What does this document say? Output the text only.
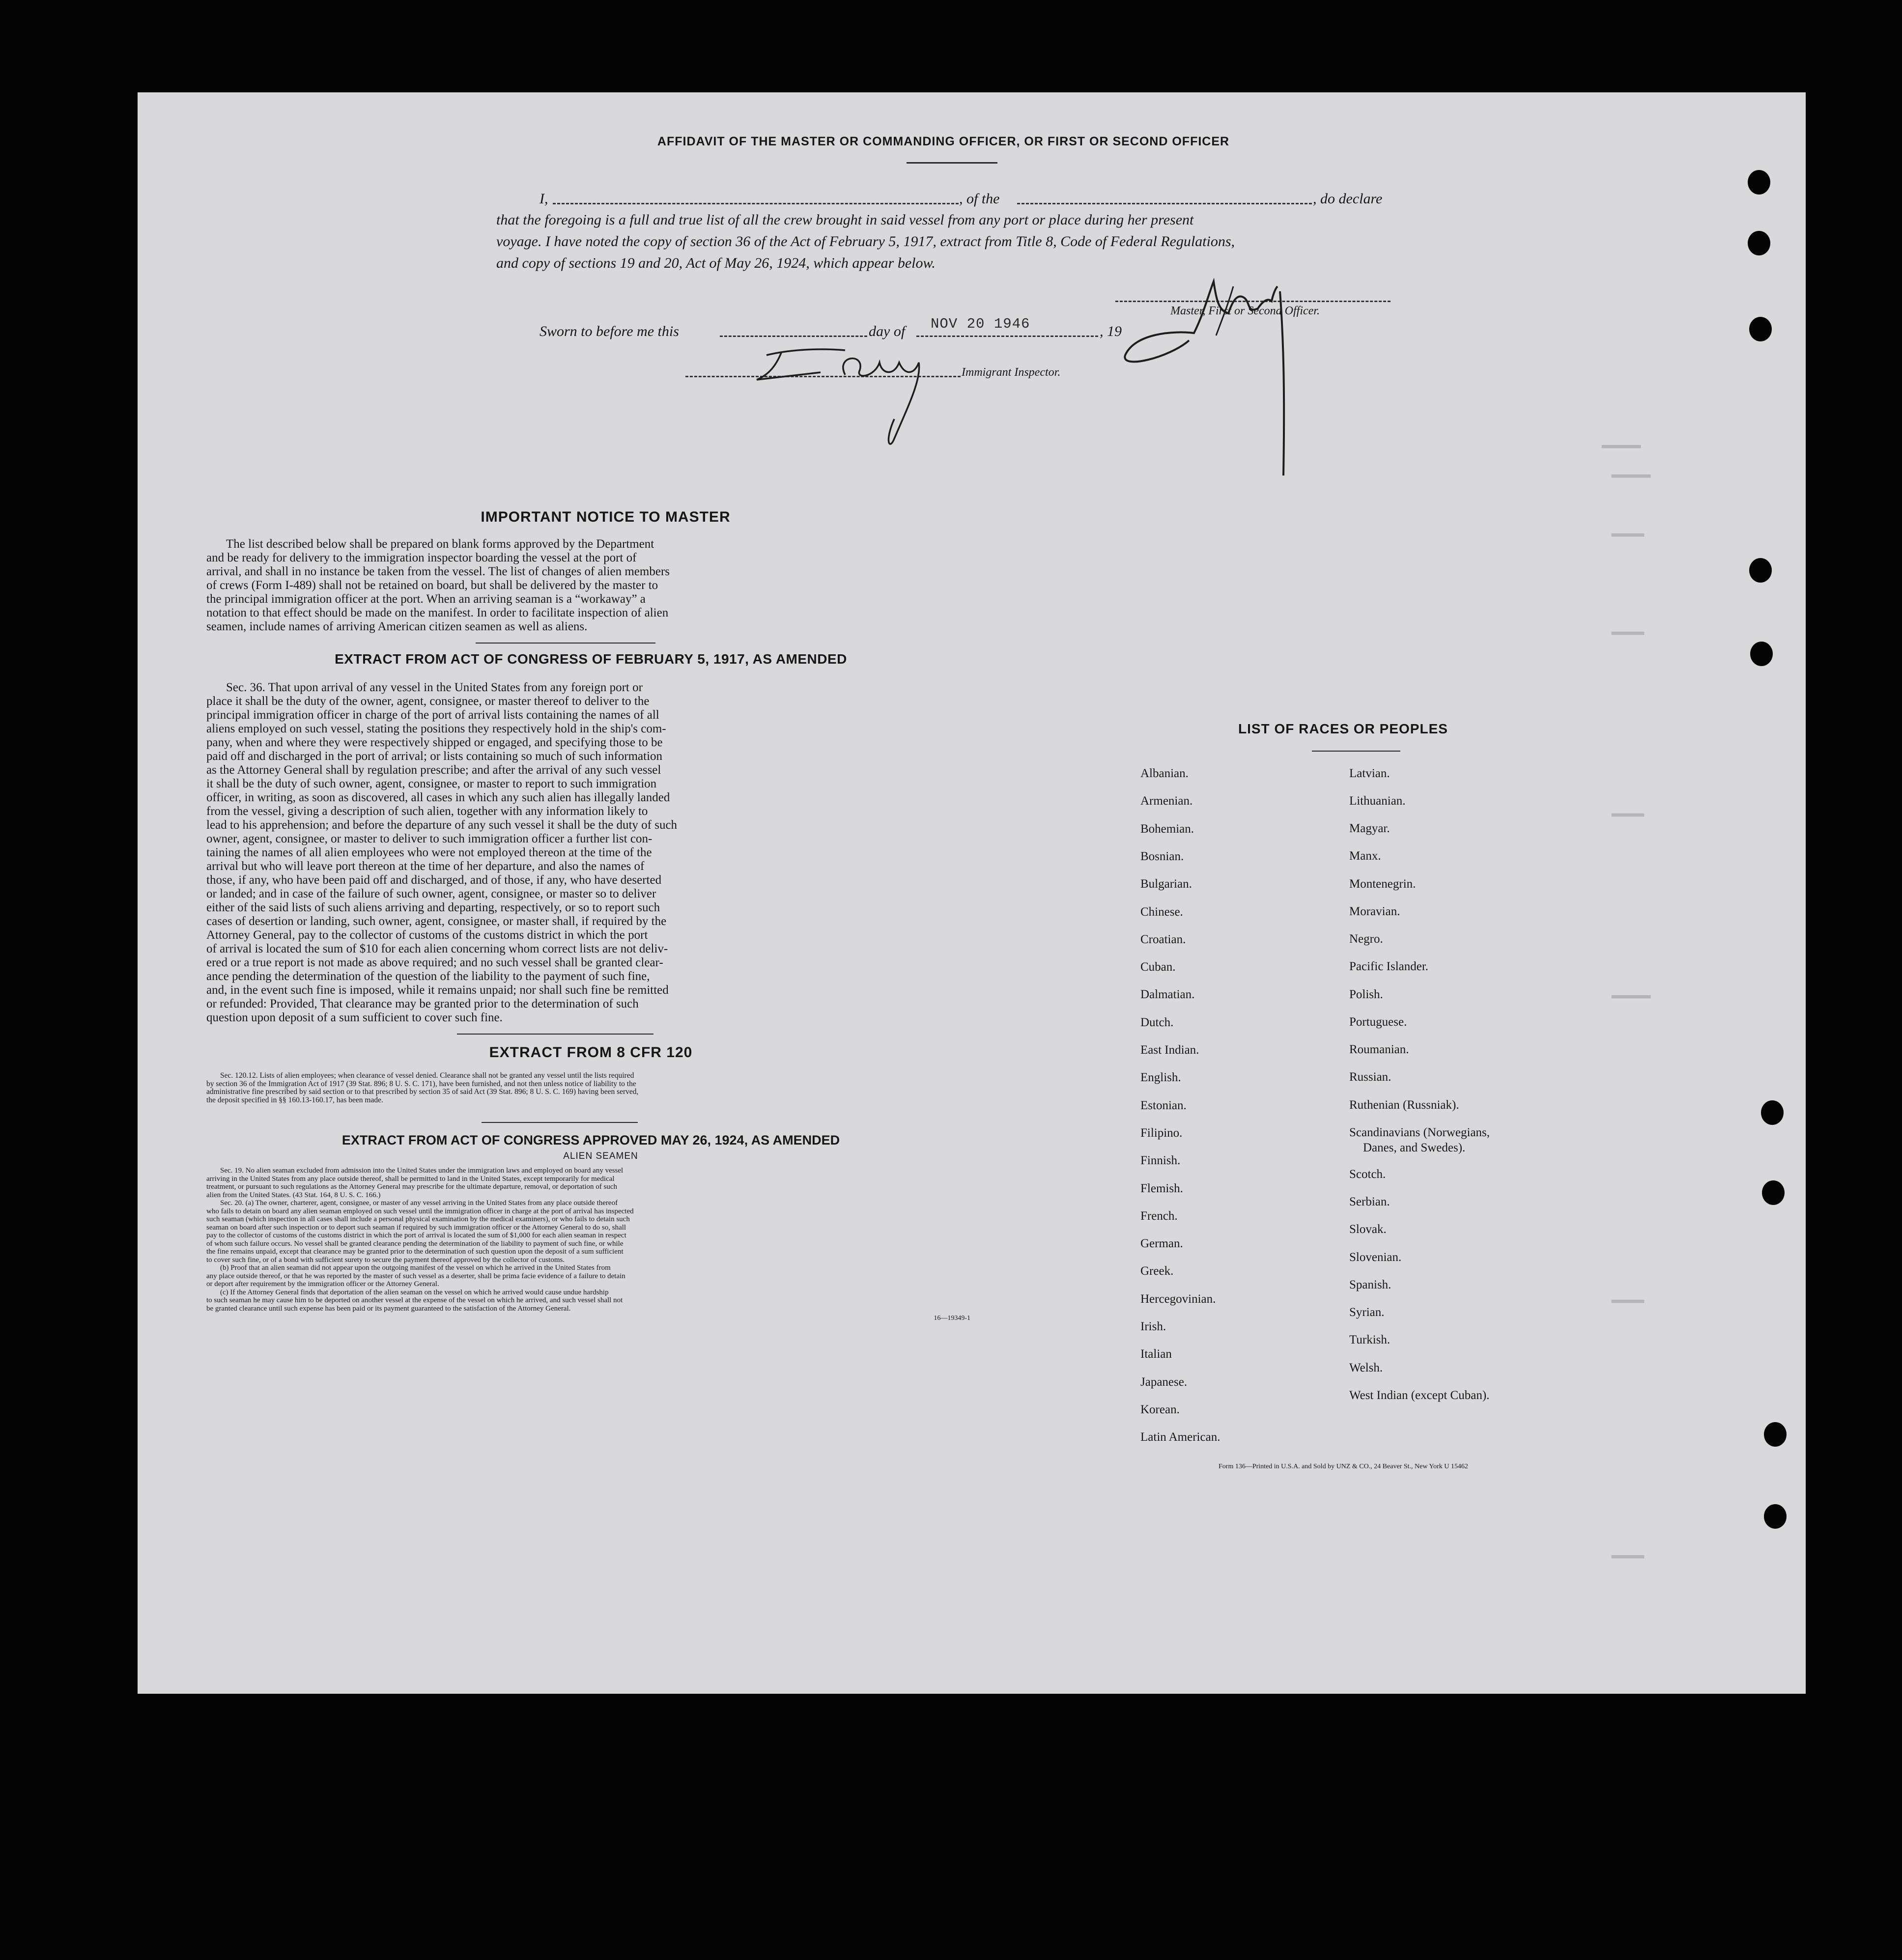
AFFIDAVIT OF THE MASTER OR COMMANDING OFFICER, OR FIRST OR SECOND OFFICER
I,	, of the	, do declare
that the foregoing is a full and true list of all the crew brought in said vessel from any port or place during her present
voyage. I have noted the copy of section 36 of the Act of February 5, 1917, extract from Title 8, Code of Federal Regulations,
and copy of sections 19 and 20, Act of May 26, 1924, which appear below.
Master, First or Second Officer.
Sworn to before me this	day of NOV 20 1946	, 19
Immigrant Inspector.
IMPORTANT NOTICE TO MASTER
The list described below shall be prepared on blank forms approved by the Department
and be ready for delivery to the immigration inspector boarding the vessel at the port of
arrival, and shall in no instance be taken from the vessel. The list of changes of alien members
of crews (Form I-489) shall not be retained on board, but shall be delivered by the master to
the principal immigration officer at the port. When an arriving seaman is a “workaway” a
notation to that effect should be made on the manifest. In order to facilitate inspection of alien
seamen, include names of arriving American citizen seamen as well as aliens.
EXTRACT FROM ACT OF CONGRESS OF FEBRUARY 5, 1917, AS AMENDED
Sec. 36. That upon arrival of any vessel in the United States from any foreign port or
place it shall be the duty of the owner, agent, consignee, or master thereof to deliver to the
principal immigration officer in charge of the port of arrival lists containing the names of all
aliens employed on such vessel, stating the positions they respectively hold in the ship's com-
pany, when and where they were respectively shipped or engaged, and specifying those to be
paid off and discharged in the port of arrival; or lists containing so much of such information
as the Attorney General shall by regulation prescribe; and after the arrival of any such vessel
it shall be the duty of such owner, agent, consignee, or master to report to such immigration
officer, in writing, as soon as discovered, all cases in which any such alien has illegally landed
from the vessel, giving a description of such alien, together with any information likely to
lead to his apprehension; and before the departure of any such vessel it shall be the duty of such
owner, agent, consignee, or master to deliver to such immigration officer a further list con-
taining the names of all alien employees who were not employed thereon at the time of the
arrival but who will leave port thereon at the time of her departure, and also the names of
those, if any, who have been paid off and discharged, and of those, if any, who have deserted
or landed; and in case of the failure of such owner, agent, consignee, or master so to deliver
either of the said lists of such aliens arriving and departing, respectively, or so to report such
cases of desertion or landing, such owner, agent, consignee, or master shall, if required by the
Attorney General, pay to the collector of customs of the customs district in which the port
of arrival is located the sum of $10 for each alien concerning whom correct lists are not deliv-
ered or a true report is not made as above required; and no such vessel shall be granted clear-
ance pending the determination of the question of the liability to the payment of such fine,
and, in the event such fine is imposed, while it remains unpaid; nor shall such fine be remitted
or refunded: Provided, That clearance may be granted prior to the determination of such
question upon deposit of a sum sufficient to cover such fine.
EXTRACT FROM 8 CFR 120
Sec. 120.12. Lists of alien employees; when clearance of vessel denied. Clearance shall not be granted any vessel until the lists required
by section 36 of the Immigration Act of 1917 (39 Stat. 896; 8 U. S. C. 171), have been furnished, and not then unless notice of liability to the
administrative fine prescribed by said section or to that prescribed by section 35 of said Act (39 Stat. 896; 8 U. S. C. 169) having been served,
the deposit specified in §§ 160.13-160.17, has been made.
EXTRACT FROM ACT OF CONGRESS APPROVED MAY 26, 1924, AS AMENDED
ALIEN SEAMEN
Sec. 19. No alien seaman excluded from admission into the United States under the immigration laws and employed on board any vessel
arriving in the United States from any place outside thereof, shall be permitted to land in the United States, except temporarily for medical
treatment, or pursuant to such regulations as the Attorney General may prescribe for the ultimate departure, removal, or deportation of such
alien from the United States. (43 Stat. 164, 8 U. S. C. 166.)
Sec. 20. (a) The owner, charterer, agent, consignee, or master of any vessel arriving in the United States from any place outside thereof
who fails to detain on board any alien seaman employed on such vessel until the immigration officer in charge at the port of arrival has inspected
such seaman (which inspection in all cases shall include a personal physical examination by the medical examiners), or who fails to detain such
seaman on board after such inspection or to deport such seaman if required by such immigration officer or the Attorney General to do so, shall
pay to the collector of customs of the customs district in which the port of arrival is located the sum of $1,000 for each alien seaman in respect
of whom such failure occurs. No vessel shall be granted clearance pending the determination of the liability to payment of such fine, or while
the fine remains unpaid, except that clearance may be granted prior to the determination of such question upon the deposit of a sum sufficient
to cover such fine, or of a bond with sufficient surety to secure the payment thereof approved by the collector of customs.
(b) Proof that an alien seaman did not appear upon the outgoing manifest of the vessel on which he arrived in the United States from
any place outside thereof, or that he was reported by the master of such vessel as a deserter, shall be prima facie evidence of a failure to detain
or deport after requirement by the immigration officer or the Attorney General.
(c) If the Attorney General finds that deportation of the alien seaman on the vessel on which he arrived would cause undue hardship
to such seaman he may cause him to be deported on another vessel at the expense of the vessel on which he arrived, and such vessel shall not
be granted clearance until such expense has been paid or its payment guaranteed to the satisfaction of the Attorney General.
16—19349-1
LIST OF RACES OR PEOPLES
Albanian.
Armenian.
Bohemian.
Bosnian.
Bulgarian.
Chinese.
Croatian.
Cuban.
Dalmatian.
Dutch.
East Indian.
English.
Estonian.
Filipino.
Finnish.
Flemish.
French.
German.
Greek.
Hercegovinian.
Irish.
Italian
Japanese.
Korean.
Latin American.
Latvian.
Lithuanian.
Magyar.
Manx.
Montenegrin.
Moravian.
Negro.
Pacific Islander.
Polish.
Portuguese.
Roumanian.
Russian.
Ruthenian (Russniak).
Scandinavians (Norwegians,
Danes, and Swedes).
Scotch.
Serbian.
Slovak.
Slovenian.
Spanish.
Syrian.
Turkish.
Welsh.
West Indian (except Cuban).
Form 136—Printed in U.S.A. and Sold by UNZ & CO., 24 Beaver St., New York U 15462
▂▂▂▂▂▂
▂▂▂▂▂▂
▂▂▂▂▂
▂▂▂▂▂
▂▂▂▂▂
▂▂▂▂▂▂
▂▂▂▂▂
▂▂▂▂▂
